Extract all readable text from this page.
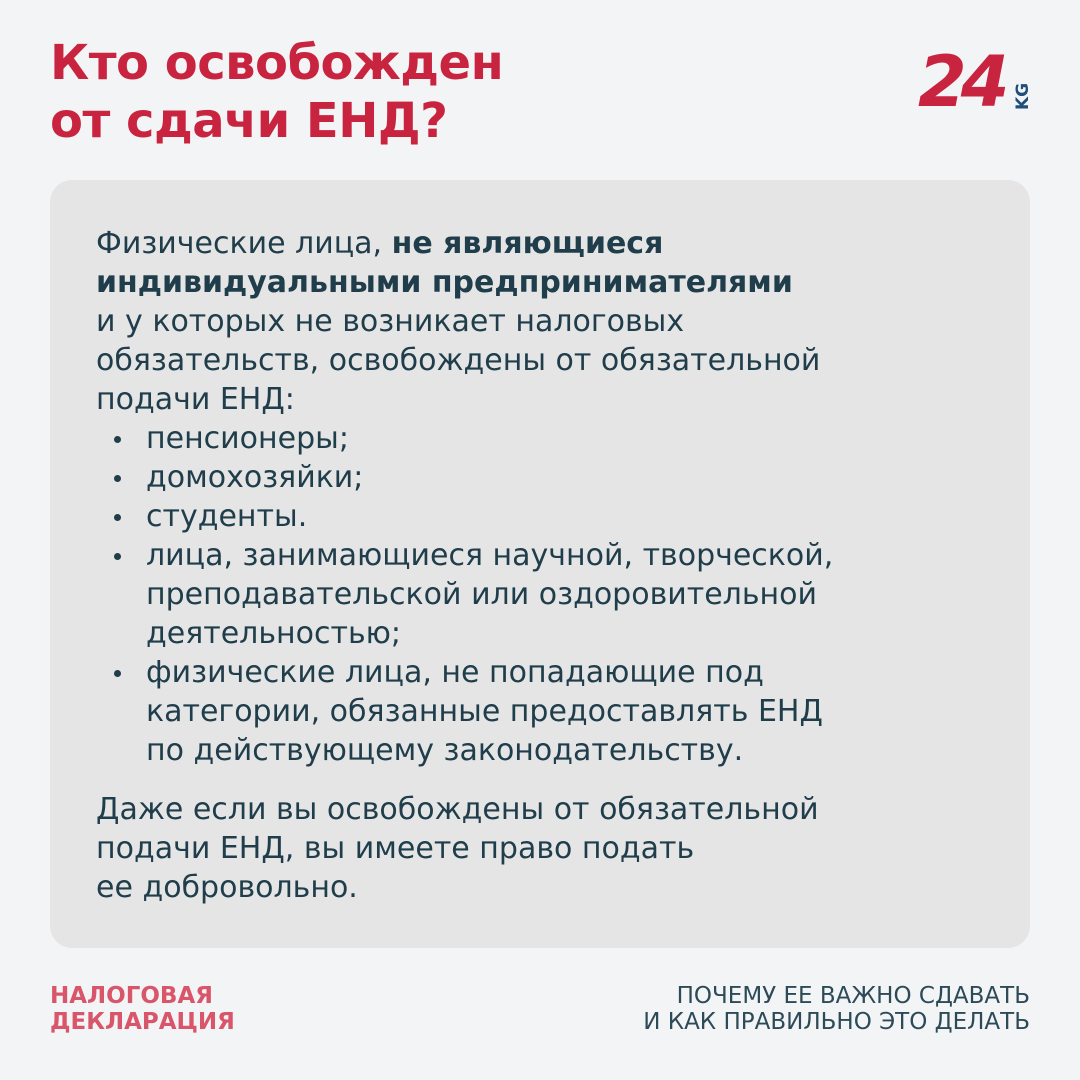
Кто освобожден
от сдачи ЕНД?	24 KG

Физические лица, не являющиеся
индивидуальными предпринимателями
и у которых не возникает налоговых
обязательств, освобождены от обязательной
подачи ЕНД:

пенсионеры;
домохозяйки;
студенты.
лица, занимающиеся научной, творческой,
преподавательской или оздоровительной
деятельностью;
физические лица, не попадающие под
категории, обязанные предоставлять ЕНД
по действующему законодательству.

Даже если вы освобождены от обязательной
подачи ЕНД, вы имеете право подать
ее добровольно.

НАЛОГОВАЯ
ДЕКЛАРАЦИЯ

ПОЧЕМУ ЕЕ ВАЖНО СДАВАТЬ
И КАК ПРАВИЛЬНО ЭТО ДЕЛАТЬ
